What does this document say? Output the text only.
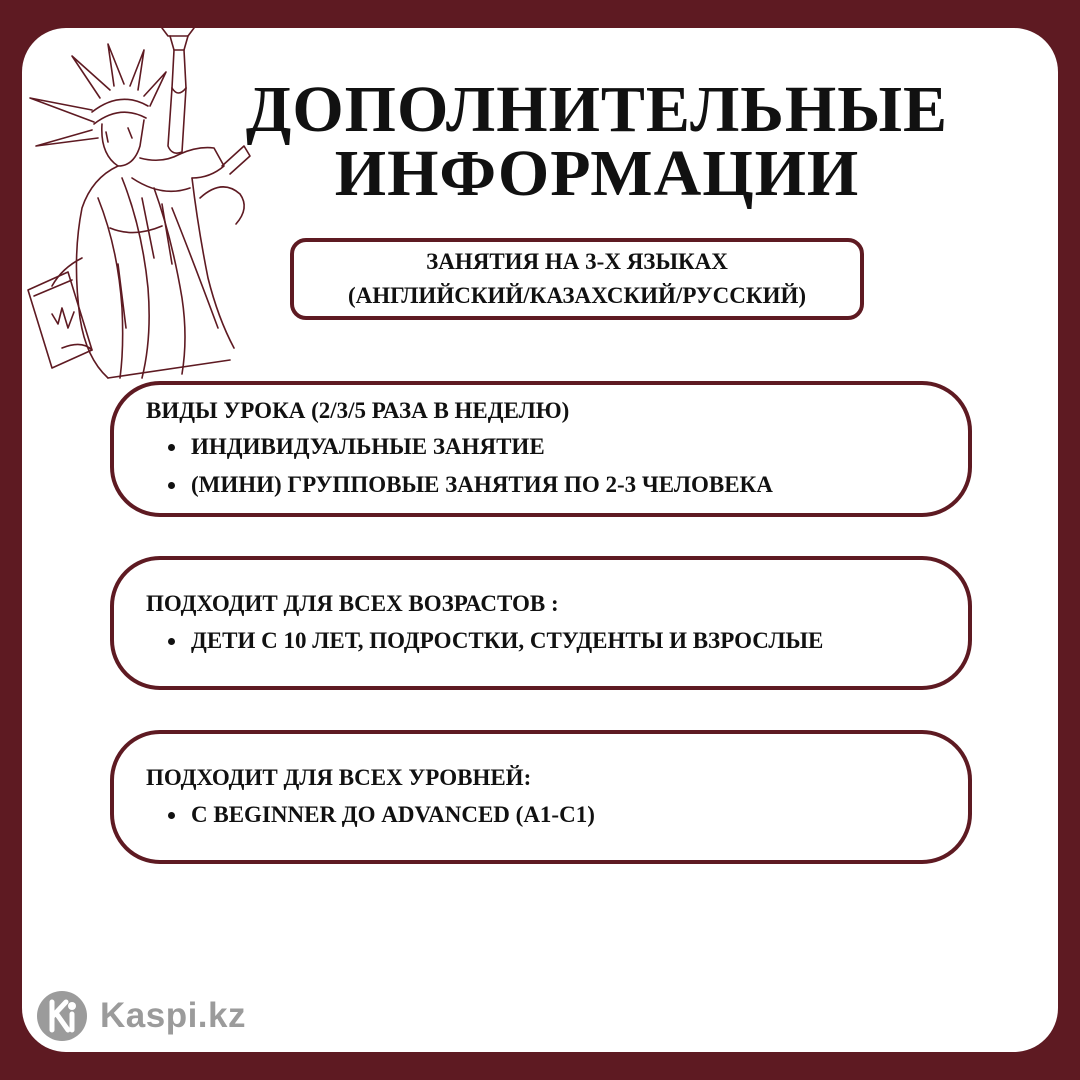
ДОПОЛНИТЕЛЬНЫЕ
ИНФОРМАЦИИ
ЗАНЯТИЯ НА 3-Х ЯЗЫКАХ
(АНГЛИЙСКИЙ/КАЗАХСКИЙ/РУССКИЙ)
ВИДЫ УРОКА (2/3/5 РАЗА В НЕДЕЛЮ)
ИНДИВИДУАЛЬНЫЕ ЗАНЯТИЕ
(МИНИ) ГРУППОВЫЕ ЗАНЯТИЯ ПО 2-3 ЧЕЛОВЕКА
ПОДХОДИТ ДЛЯ ВСЕХ ВОЗРАСТОВ :
ДЕТИ С 10 ЛЕТ, ПОДРОСТКИ, СТУДЕНТЫ И ВЗРОСЛЫЕ
ПОДХОДИТ ДЛЯ ВСЕХ УРОВНЕЙ:
С BEGINNER ДО ADVANCED (A1-C1)
Kaspi.kz
